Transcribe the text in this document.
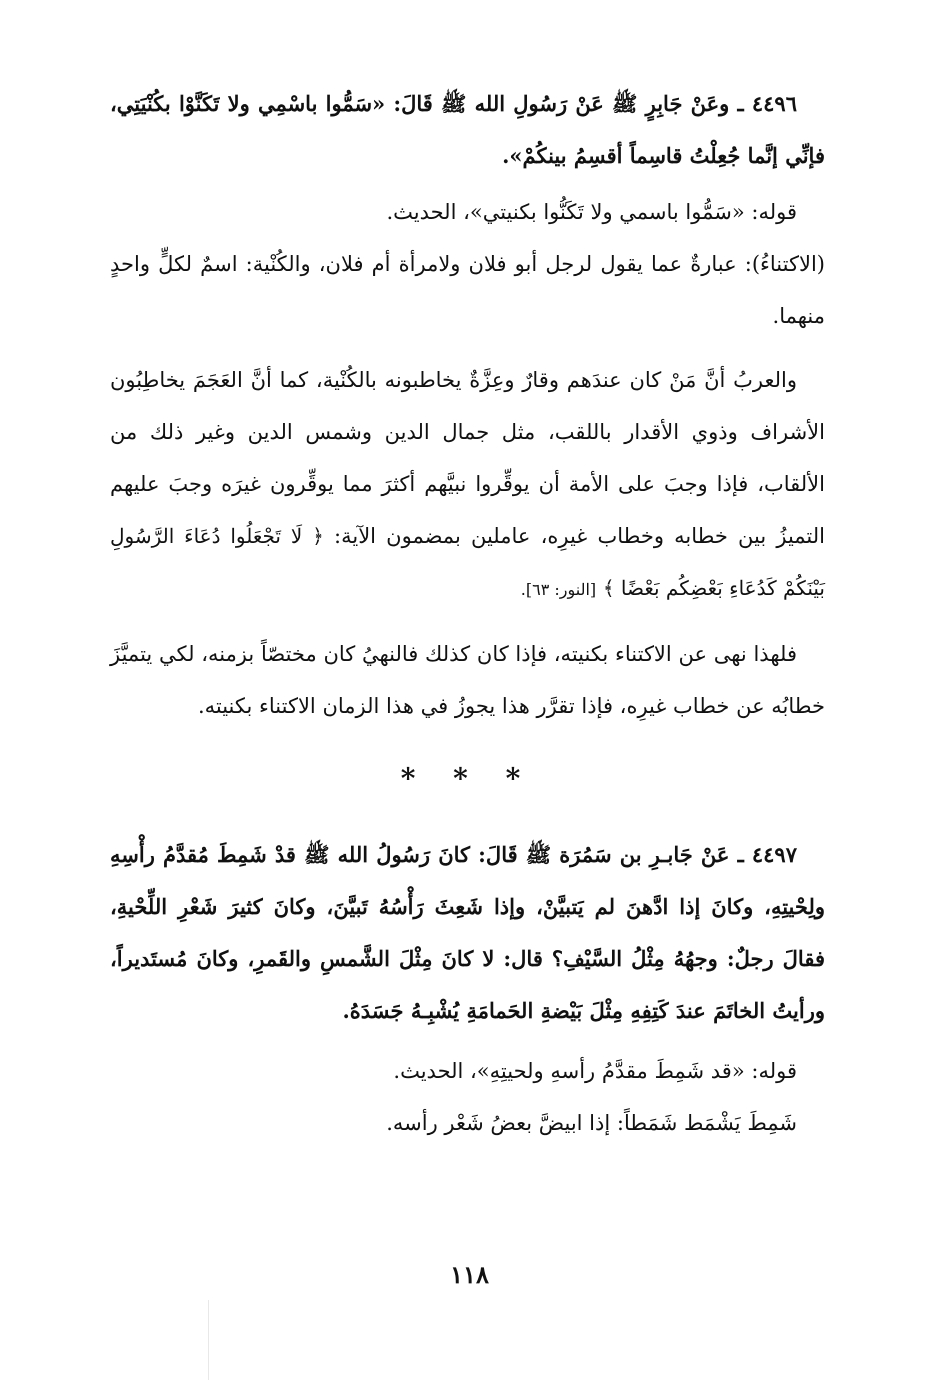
٤٤٩٦ ـ وعَنْ جَابِرٍ ﷺ عَنْ رَسُولِ الله ﷺ قَالَ: «سَمُّوا باسْمِي ولا تَكَنَّوْا بكُنْيَتِي، فإنِّي إنَّما جُعِلْتُ قاسِماً أقسِمُ بينكُمْ».

قوله: «سَمُّوا باسمي ولا تَكَنُّوا بكنيتي»، الحديث.

(الاكتناءُ): عبارةٌ عما يقول لرجل أبو فلان ولامرأة أم فلان، والكُنْية: اسمٌ لكلٍّ واحدٍ منهما.

والعربُ أنَّ مَنْ كان عندَهم وقارٌ وعِزَّةٌ يخاطبونه بالكُنْية، كما أنَّ العَجَمَ يخاطِبُون الأشراف وذوي الأقدار باللقب، مثل جمال الدين وشمس الدين وغير ذلك من الألقاب، فإذا وجبَ على الأمة أن يوقِّروا نبيَّهم أكثرَ مما يوقِّرون غيرَه وجبَ عليهم التميزُ بين خطابه وخطاب غيرِه، عاملين بمضمون الآية: ﴿ لَا تَجْعَلُوا دُعَاءَ الرَّسُولِ بَيْنَكُمْ كَدُعَاءِ بَعْضِكُم بَعْضًا ﴾ [النور: ٦٣].

فلهذا نهى عن الاكتناء بكنيته، فإذا كان كذلك فالنهيُ كان مختصّاً بزمنه، لكي يتميَّزَ خطابُه عن خطاب غيرِه، فإذا تقرَّر هذا يجوزُ في هذا الزمان الاكتناء بكنيته.

* * *

٤٤٩٧ ـ عَنْ جَابـرِ بن سَمُرَة ﷺ قَالَ: كانَ رَسُولُ الله ﷺ قدْ شَمِطَ مُقدَّمُ رأْسِهِ ولِحْيتِهِ، وكانَ إذا ادَّهنَ لم يَتبيَّنْ، وإذا شَعِثَ رَأْسُهُ تَبيَّنَ، وكانَ كثيرَ شَعْرِ اللِّحْيةِ، فقالَ رجلٌ: وجهُهُ مِثْلُ السَّيْفِ؟ قال: لا كانَ مِثْلَ الشَّمسِ والقَمرِ، وكانَ مُستَديراً، ورأيتُ الخاتَمَ عندَ كَتِفِهِ مِثْلَ بَيْضةِ الحَمامَةِ يُشْبِـهُ جَسَدَهُ.

قوله: «قد شَمِطَ مقدَّمُ رأسهِ ولحيتِهِ»، الحديث.

شَمِطَ يَشْمَط شَمَطاً: إذا ابيضَّ بعضُ شَعْر رأسه.

١١٨
